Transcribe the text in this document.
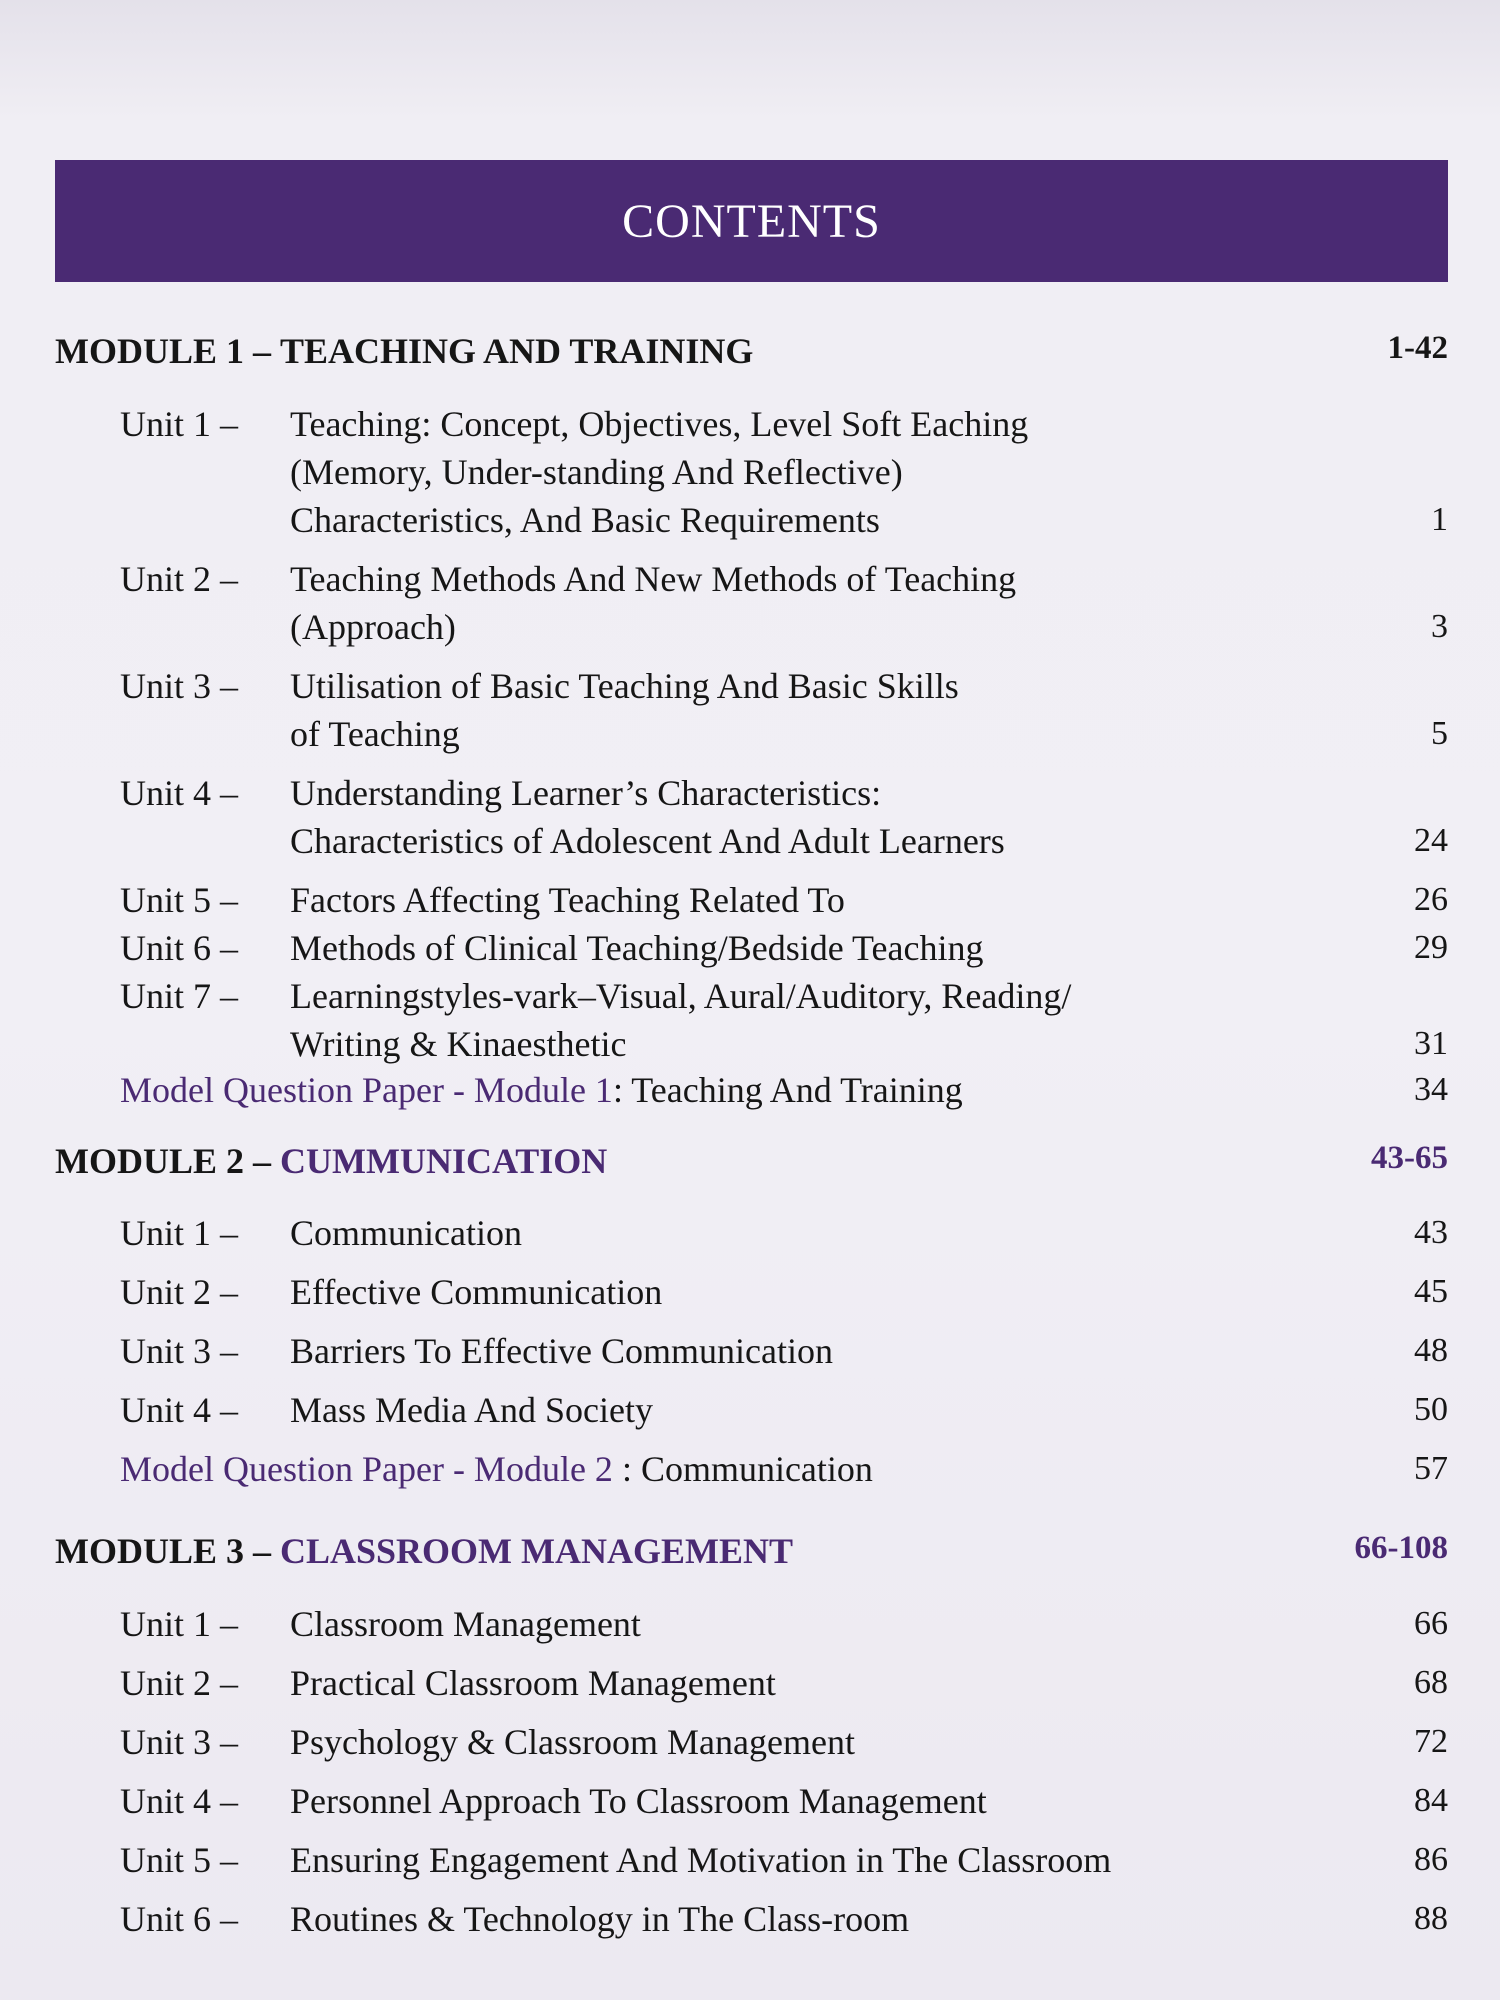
CONTENTS
MODULE 1 – TEACHING AND TRAINING	1-42
Unit 1 – Teaching: Concept, Objectives, Level Soft Eaching
(Memory, Under-standing And Reflective)
Characteristics, And Basic Requirements	1
Unit 2 – Teaching Methods And New Methods of Teaching
(Approach)	3
Unit 3 – Utilisation of Basic Teaching And Basic Skills
of Teaching	5
Unit 4 – Understanding Learner’s Characteristics:
Characteristics of Adolescent And Adult Learners	24
Unit 5 – Factors Affecting Teaching Related To	26
Unit 6 – Methods of Clinical Teaching/Bedside Teaching	29
Unit 7 – Learningstyles-vark–Visual, Aural/Auditory, Reading/
Writing & Kinaesthetic	31
Model Question Paper - Module 1: Teaching And Training	34
MODULE 2 – CUMMUNICATION	43-65
Unit 1 – Communication	43
Unit 2 – Effective Communication	45
Unit 3 – Barriers To Effective Communication	48
Unit 4 – Mass Media And Society	50
Model Question Paper - Module 2 : Communication	57
MODULE 3 – CLASSROOM MANAGEMENT	66-108
Unit 1 – Classroom Management	66
Unit 2 – Practical Classroom Management	68
Unit 3 – Psychology & Classroom Management	72
Unit 4 – Personnel Approach To Classroom Management	84
Unit 5 – Ensuring Engagement And Motivation in The Classroom	86
Unit 6 – Routines & Technology in The Class-room	88
